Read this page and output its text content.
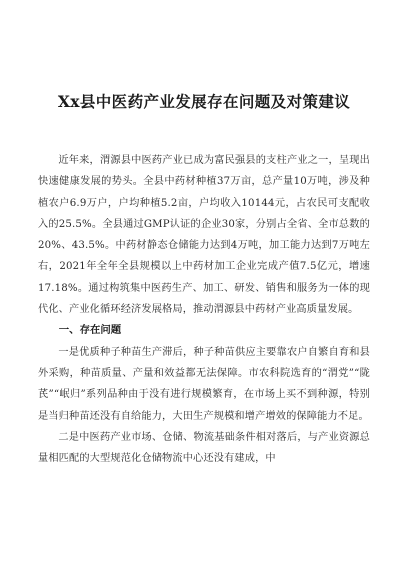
Xx县中医药产业发展存在问题及对策建议

近年来，渭源县中医药产业已成为富民强县的支柱产业之一，呈现出快速健康发展的势头。全县中药材种植37万亩，总产量10万吨，涉及种植农户6.9万户，户均种植5.2亩，户均收入10144元，占农民可支配收入的25.5%。全县通过GMP认证的企业30家，分别占全省、全市总数的20%、43.5%。中药材静态仓储能力达到4万吨，加工能力达到7万吨左右，2021年全年全县规模以上中药材加工企业完成产值7.5亿元，增速17.18%。通过构筑集中医药生产、加工、研发、销售和服务为一体的现代化、产业化循环经济发展格局，推动渭源县中药材产业高质量发展。

一、存在问题

一是优质种子种苗生产滞后，种子种苗供应主要靠农户自繁自育和县外采购，种苗质量、产量和效益都无法保障。市农科院选育的“渭党”“陇芪”“岷归”系列品种由于没有进行规模繁育，在市场上买不到种源，特别是当归种苗还没有自给能力，大田生产规模和增产增效的保障能力不足。

二是中医药产业市场、仓储、物流基础条件相对落后，与产业资源总量相匹配的大型规范化仓储物流中心还没有建成，中
